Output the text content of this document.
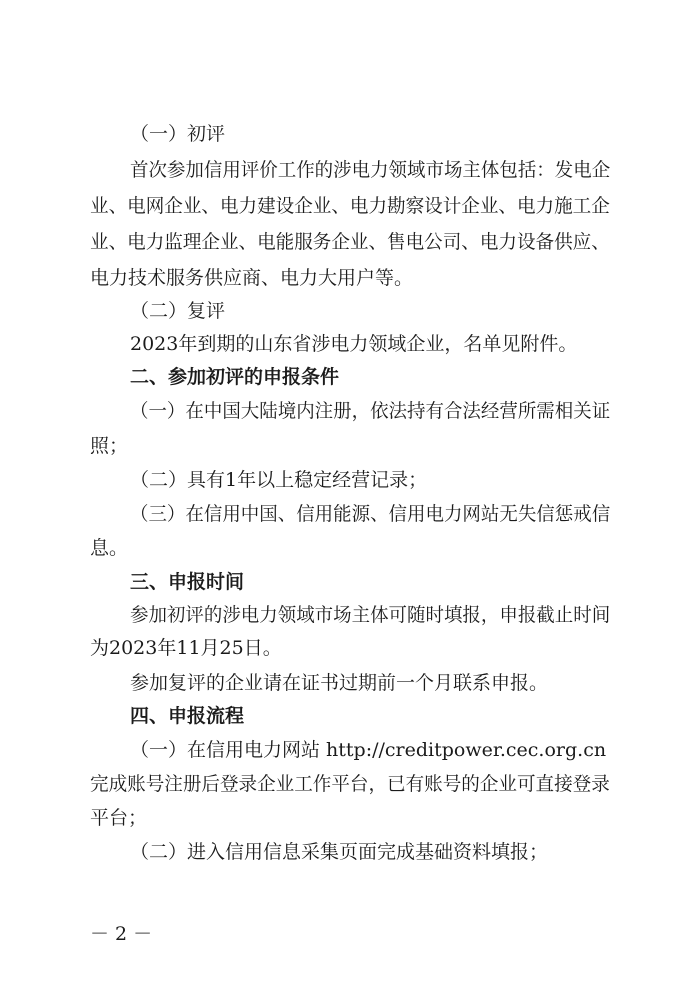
（一）初评
首次参加信用评价工作的涉电力领域市场主体包括：发电企
业、电网企业、电力建设企业、电力勘察设计企业、电力施工企
业、电力监理企业、电能服务企业、售电公司、电力设备供应、
电力技术服务供应商、电力大用户等。
（二）复评
2023年到期的山东省涉电力领域企业，名单见附件。
二、参加初评的申报条件
（一）在中国大陆境内注册，依法持有合法经营所需相关证
照；
（二）具有1年以上稳定经营记录；
（三）在信用中国、信用能源、信用电力网站无失信惩戒信
息。
三、申报时间
参加初评的涉电力领域市场主体可随时填报，申报截止时间
为2023年11月25日。
参加复评的企业请在证书过期前一个月联系申报。
四、申报流程
（一）在信用电力网站 http://creditpower.cec.org.cn
完成账号注册后登录企业工作平台，已有账号的企业可直接登录
平台；
（二）进入信用信息采集页面完成基础资料填报；
－ 2 －
